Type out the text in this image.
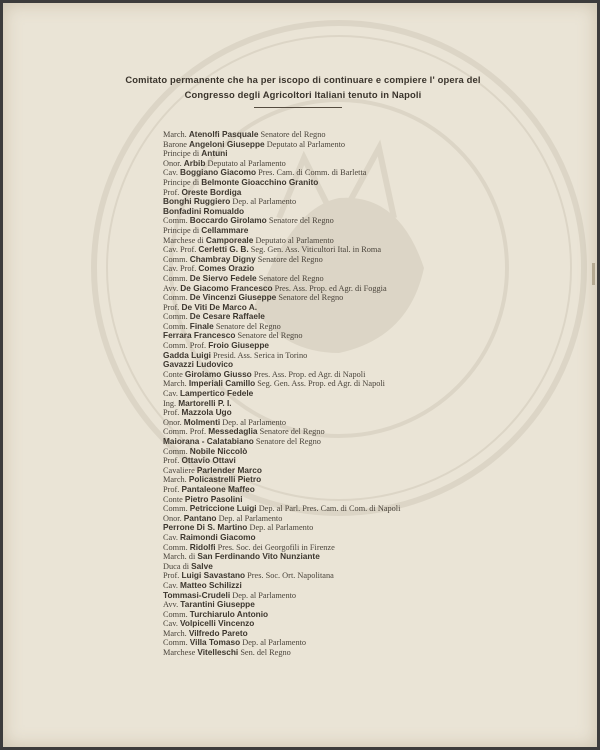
Comitato permanente che ha per iscopo di continuare e compiere l' opera del

Congresso degli Agricoltori Italiani tenuto in Napoli

March. Atenolfi Pasquale Senatore del Regno
Barone Angeloni Giuseppe Deputato al Parlamento
Principe di Antuni
Onor. Arbib Deputato al Parlamento
Cav. Boggiano Giacomo Pres. Cam. di Comm. di Barletta
Principe di Belmonte Gioacchino Granito
Prof. Oreste Bordiga
Bonghi Ruggiero Dep. al Parlamento
Bonfadini Romualdo
Comm. Boccardo Girolamo Senatore del Regno
Principe di Cellammare
Marchese di Camporeale Deputato al Parlamento
Cav. Prof. Cerletti G. B. Seg. Gen. Ass. Viticultori Ital. in Roma
Comm. Chambray Digny Senatore del Regno
Cav. Prof. Comes Orazio
Comm. De Siervo Fedele Senatore del Regno
Avv. De Giacomo Francesco Pres. Ass. Prop. ed Agr. di Foggia
Comm. De Vincenzi Giuseppe Senatore del Regno
Prof. De Viti De Marco A.
Comm. De Cesare Raffaele
Comm. Finale Senatore del Regno
Ferrara Francesco Senatore del Regno
Comm. Prof. Froio Giuseppe
Gadda Luigi Presid. Ass. Serica in Torino
Gavazzi Ludovico
Conte Girolamo Giusso Pres. Ass. Prop. ed Agr. di Napoli
March. Imperiali Camillo Seg. Gen. Ass. Prop. ed Agr. di Napoli
Cav. Lampertico Fedele
Ing. Martorelli P. I.
Prof. Mazzola Ugo
Onor. Molmenti Dep. al Parlamento
Comm. Prof. Messedaglia Senatore del Regno
Maiorana - Calatabiano Senatore del Regno
Comm. Nobile Niccolò
Prof. Ottavio Ottavi
Cavaliere Parlender Marco
March. Policastrelli Pietro
Prof. Pantaleone Maffeo
Conte Pietro Pasolini
Comm. Petriccione Luigi Dep. al Parl. Pres. Cam. di Com. di Napoli
Onor. Pantano Dep. al Parlamento
Perrone Di S. Martino Dep. al Parlamento
Cav. Raimondi Giacomo
Comm. Ridolfi Pres. Soc. dei Georgofili in Firenze
March. di San Ferdinando Vito Nunziante
Duca di Salve
Prof. Luigi Savastano Pres. Soc. Ort. Napolitana
Cav. Matteo Schilizzi
Tommasi-Crudeli Dep. al Parlamento
Avv. Tarantini Giuseppe
Comm. Turchiarulo Antonio
Cav. Volpicelli Vincenzo
March. Vilfredo Pareto
Comm. Villa Tomaso Dep. al Parlamento
Marchese Vitelleschi Sen. del Regno
